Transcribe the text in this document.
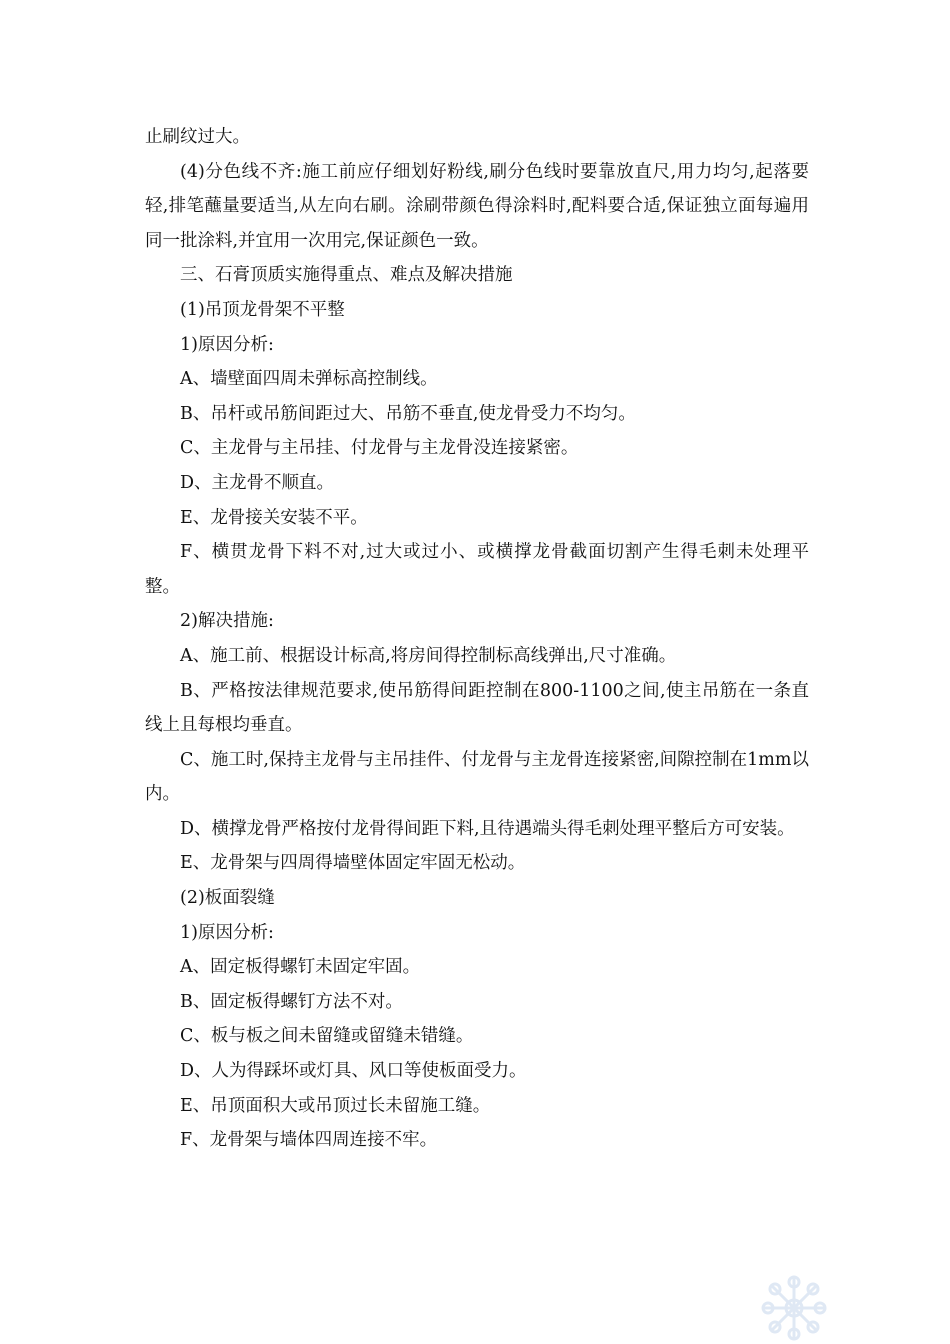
止刷纹过大。

(4)分色线不齐:施工前应仔细划好粉线,刷分色线时要靠放直尺,用力均匀,起落要轻,排笔蘸量要适当,从左向右刷。涂刷带颜色得涂料时,配料要合适,保证独立面每遍用同一批涂料,并宜用一次用完,保证颜色一致。

三、石膏顶质实施得重点、难点及解决措施

(1)吊顶龙骨架不平整

1)原因分析:

A、墙壁面四周未弹标高控制线。

B、吊杆或吊筋间距过大、吊筋不垂直,使龙骨受力不均匀。

C、主龙骨与主吊挂、付龙骨与主龙骨没连接紧密。

D、主龙骨不顺直。

E、龙骨接关安装不平。

F、横贯龙骨下料不对,过大或过小、或横撑龙骨截面切割产生得毛刺未处理平整。

2)解决措施:

A、施工前、根据设计标高,将房间得控制标高线弹出,尺寸准确。

B、严格按法律规范要求,使吊筋得间距控制在800-1100之间,使主吊筋在一条直线上且每根均垂直。

C、施工时,保持主龙骨与主吊挂件、付龙骨与主龙骨连接紧密,间隙控制在1mm以内。

D、横撑龙骨严格按付龙骨得间距下料,且待遇端头得毛刺处理平整后方可安装。

E、龙骨架与四周得墙壁体固定牢固无松动。

(2)板面裂缝

1)原因分析:

A、固定板得螺钉未固定牢固。

B、固定板得螺钉方法不对。

C、板与板之间未留缝或留缝未错缝。

D、人为得踩坏或灯具、风口等使板面受力。

E、吊顶面积大或吊顶过长未留施工缝。

F、龙骨架与墙体四周连接不牢。
